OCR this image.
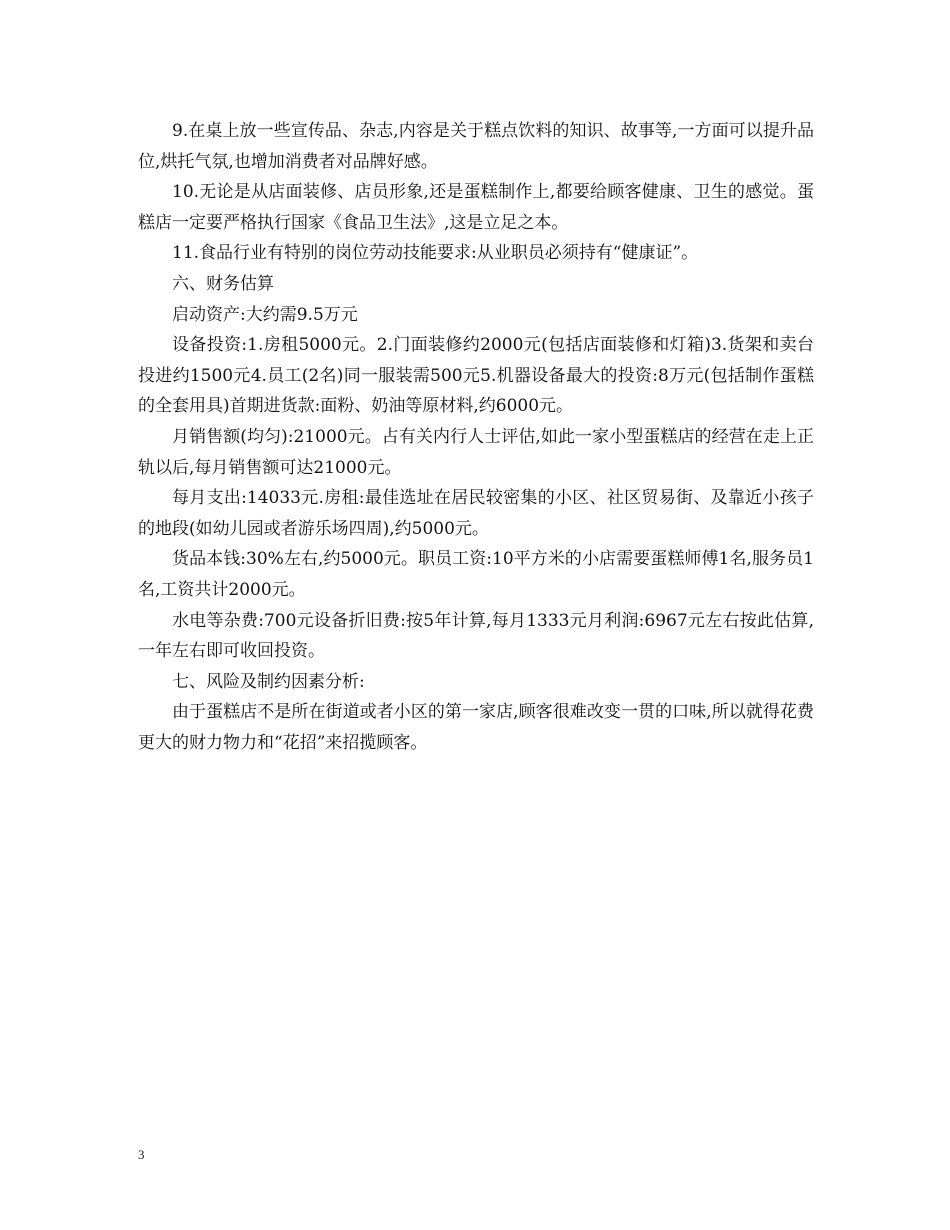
9.在桌上放一些宣传品、杂志,内容是关于糕点饮料的知识、故事等,一方面可以提升品位,烘托气氛,也增加消费者对品牌好感。

10.无论是从店面装修、店员形象,还是蛋糕制作上,都要给顾客健康、卫生的感觉。蛋糕店一定要严格执行国家《食品卫生法》,这是立足之本。

11.食品行业有特别的岗位劳动技能要求:从业职员必须持有“健康证”。

六、财务估算

启动资产:大约需9.5万元

设备投资:1.房租5000元。2.门面装修约2000元(包括店面装修和灯箱)3.货架和卖台投进约1500元4.员工(2名)同一服装需500元5.机器设备最大的投资:8万元(包括制作蛋糕的全套用具)首期进货款:面粉、奶油等原材料,约6000元。

月销售额(均匀):21000元。占有关内行人士评估,如此一家小型蛋糕店的经营在走上正轨以后,每月销售额可达21000元。

每月支出:14033元.房租:最佳选址在居民较密集的小区、社区贸易街、及靠近小孩子的地段(如幼儿园或者游乐场四周),约5000元。

货品本钱:30%左右,约5000元。职员工资:10平方米的小店需要蛋糕师傅1名,服务员1名,工资共计2000元。

水电等杂费:700元设备折旧费:按5年计算,每月1333元月利润:6967元左右按此估算,一年左右即可收回投资。

七、风险及制约因素分析:

由于蛋糕店不是所在街道或者小区的第一家店,顾客很难改变一贯的口味,所以就得花费更大的财力物力和“花招”来招揽顾客。

3
